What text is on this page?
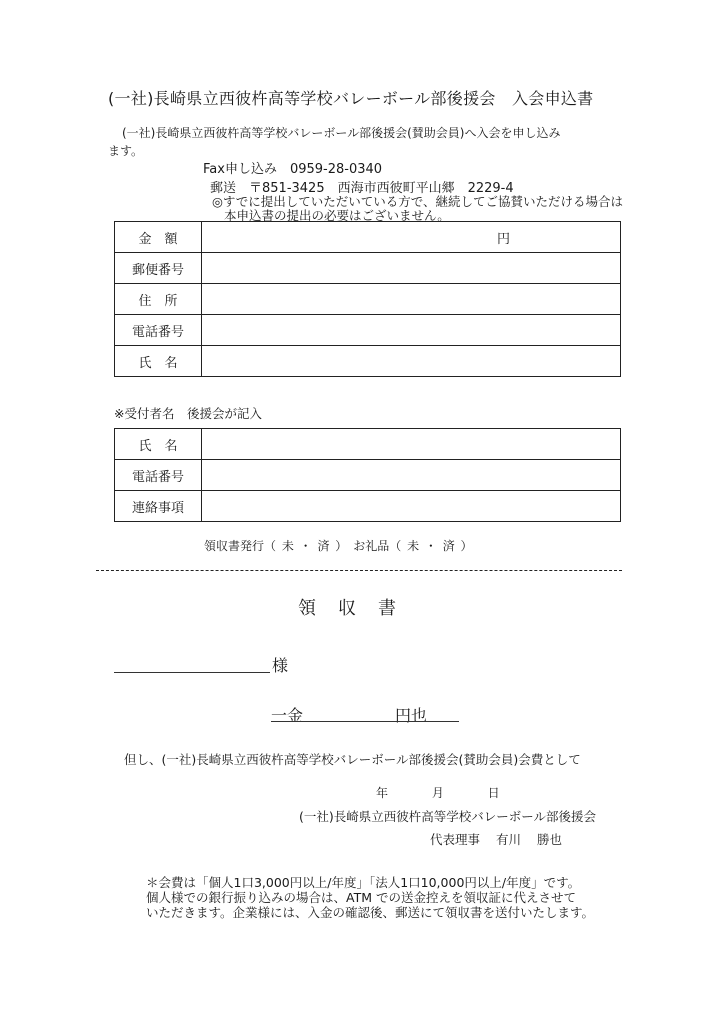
(一社)長崎県立西彼杵高等学校バレーボール部後援会　入会申込書
(一社)長崎県立西彼杵高等学校バレーボール部後援会(賛助会員)へ入会を申し込み
ます。
Fax申し込み　0959-28-0340
郵送　〒851-3425　西海市西彼町平山郷　2229-4
◎すでに提出していただいている方で、継続してご協賛いただける場合は
本申込書の提出の必要はございません。
金　額	円

郵便番号	
住　所	
電話番号	
氏　名	
※受付者名　後援会が記入
氏　名	
電話番号	
連絡事項	
領収書発行（ 未 ・ 済 ）　お礼品（ 未 ・ 済 ）
領収書
様
一金	円也
但し、(一社)長崎県立西彼杵高等学校バレーボール部後援会(賛助会員)会費として
年 月 日
(一社)長崎県立西彼杵高等学校バレーボール部後援会
代表理事 有川 勝也
＊会費は「個人1口3,000円以上/年度」「法人1口10,000円以上/年度」です。
個人様での銀行振り込みの場合は、ATM での送金控えを領収証に代えさせて
いただきます。企業様には、入金の確認後、郵送にて領収書を送付いたします。
